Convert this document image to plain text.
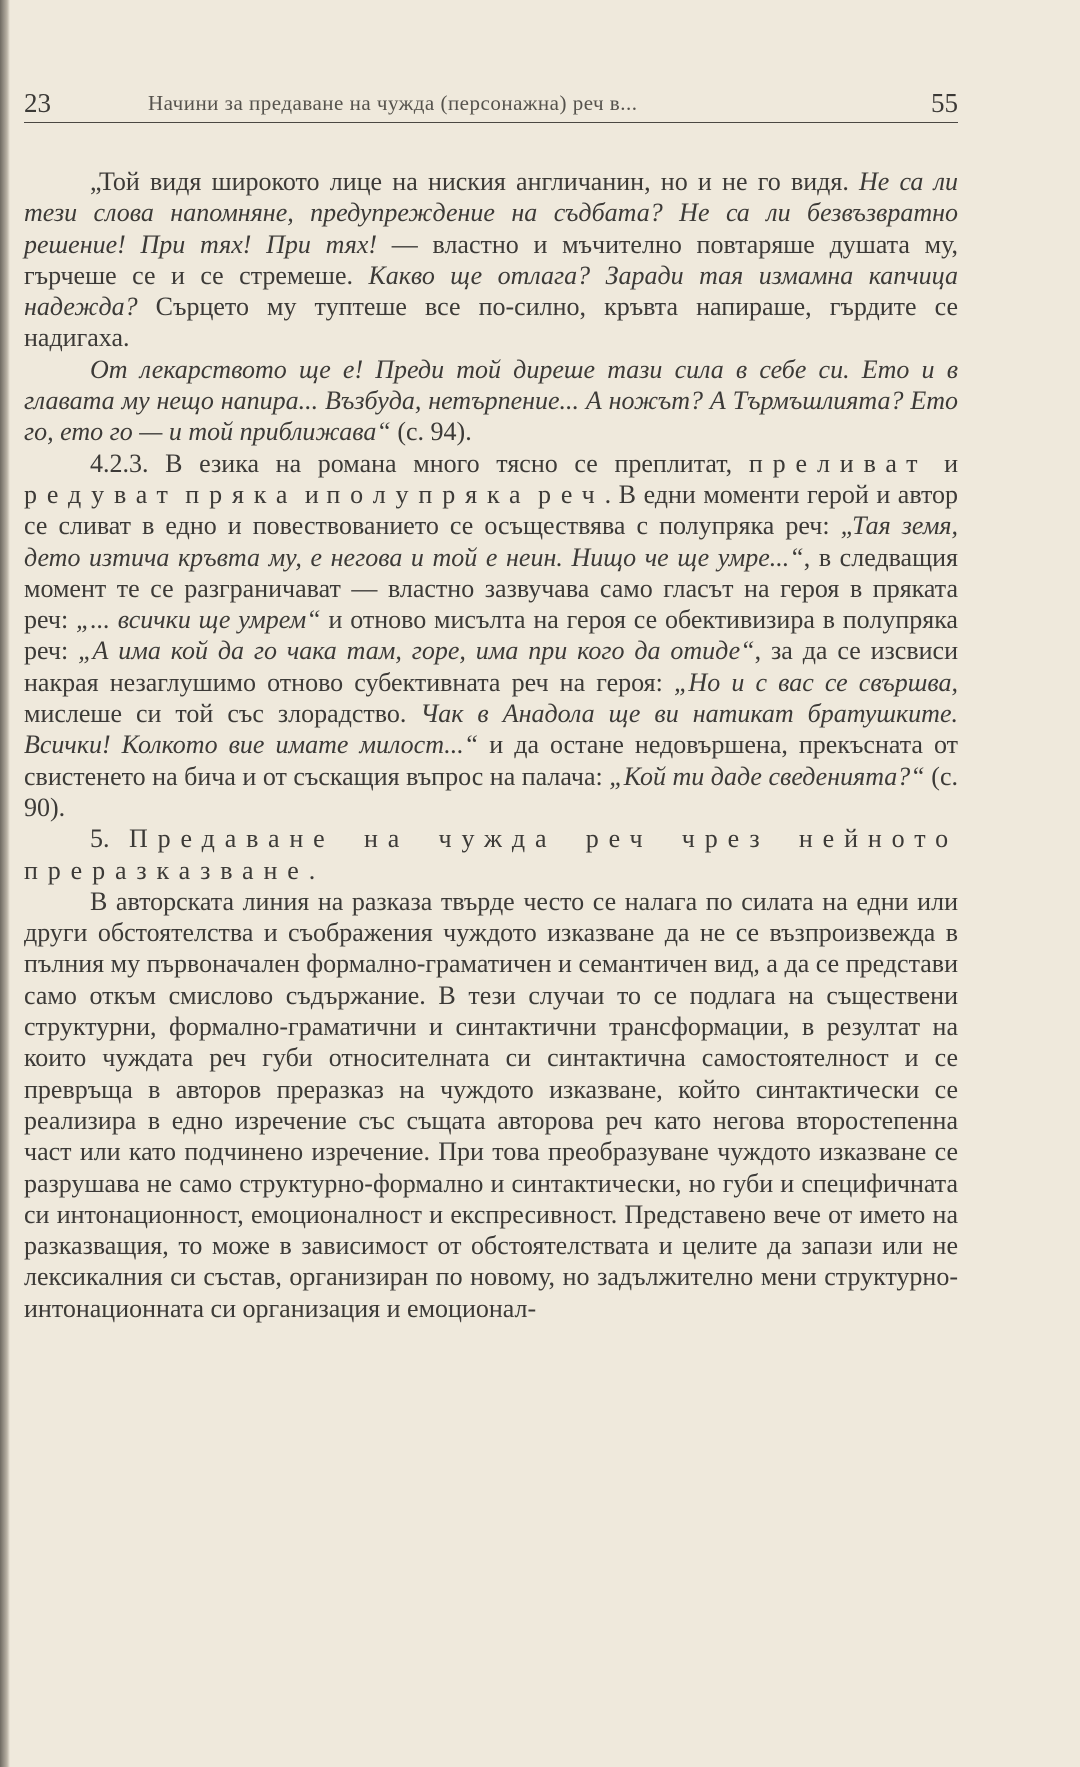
23	Начини за предаване на чужда (персонажна) реч в...	55

„Той видя широкото лице на ниския англичанин, но и не го видя. Не са ли тези слова напомняне, предупреждение на съдбата? Не са ли безвъзвратно решение! При тях! При тях! — властно и мъчително повтаряше душата му, гърчеше се и се стремеше. Какво ще отлага? Заради тая измамна капчица надежда? Сърцето му туптеше все по-силно, кръвта напираше, гърдите се надигаха.

От лекарството ще е! Преди той диреше тази сила в себе си. Ето и в главата му нещо напира... Възбуда, нетърпение... А ножът? А Търмъшлията? Ето го, ето го — и той приближава“ (с. 94).

4.2.3. В езика на романа много тясно се преплитат, преливат и редуват пряка и полупряка реч. В едни моменти герой и автор се сливат в едно и повествованието се осъществява с полупряка реч: „Тая земя, дето изтича кръвта му, е негова и той е неин. Нищо че ще умре...“, в следващия момент те се разграничават — властно зазвучава само гласът на героя в пряката реч: „... всички ще умрем“ и отново мисълта на героя се обективизира в полупряка реч: „А има кой да го чака там, горе, има при кого да отиде“, за да се изсвиси накрая незаглушимо отново субективната реч на героя: „Но и с вас се свършва, мислеше си той със злорадство. Чак в Анадола ще ви натикат братушките. Всички! Колкото вие имате милост...“ и да остане недовършена, прекъсната от свистенето на бича и от съскащия въпрос на палача: „Кой ти даде сведенията?“ (с. 90).

5. Предаване на чужда реч чрез нейното преразказване.

В авторската линия на разказа твърде често се налага по силата на едни или други обстоятелства и съображения чуждото изказване да не се възпроизвежда в пълния му първоначален формално-граматичен и семантичен вид, а да се представи само откъм смислово съдържание. В тези случаи то се подлага на съществени структурни, формално-граматични и синтактични трансформации, в резултат на които чуждата реч губи относителната си синтактична самостоятелност и се превръща в авторов преразказ на чуждото изказване, който синтактически се реализира в едно изречение със същата авторова реч като негова второстепенна част или като подчинено изречение. При това преобразуване чуждото изказване се разрушава не само структурно-формално и синтактически, но губи и специфичната си интонационност, емоционалност и експресивност. Представено вече от името на разказващия, то може в зависимост от обстоятелствата и целите да запази или не лексикалния си състав, организиран по новому, но задължително мени структурно-интонационната си организация и емоционал-
